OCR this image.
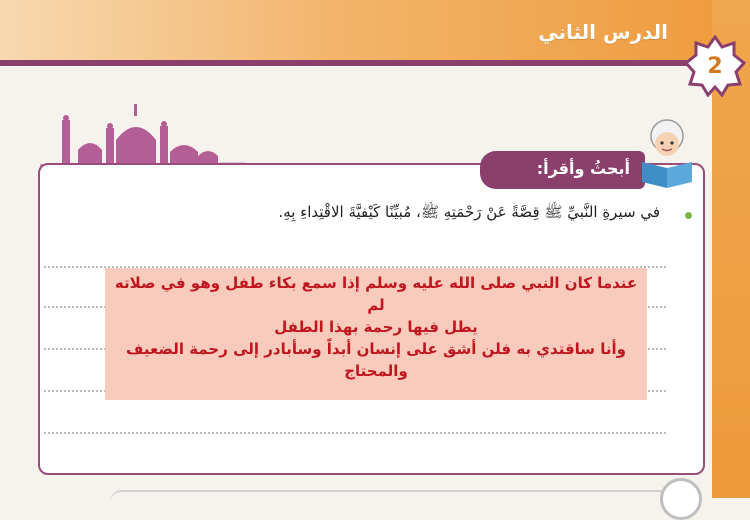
الدرس الثاني
2
أبحثُ وأقرأ:
في سيرةِ النَّبيِّ ﷺ قِصَّةً عَنْ رَحْمَتِهِ ﷺ، مُبيِّنًا كَيْفيَّةَ الاقْتِداءِ بِهِ.
عندما كان النبي صلى الله عليه وسلم إذا سمع بكاء طفل وهو في صلاته لم
يطل فيها رحمة بهذا الطفل
وأنا ساقتدي به فلن أشق على إنسان أبداً وسأبادر إلى رحمة الضعيف
والمحتاج
